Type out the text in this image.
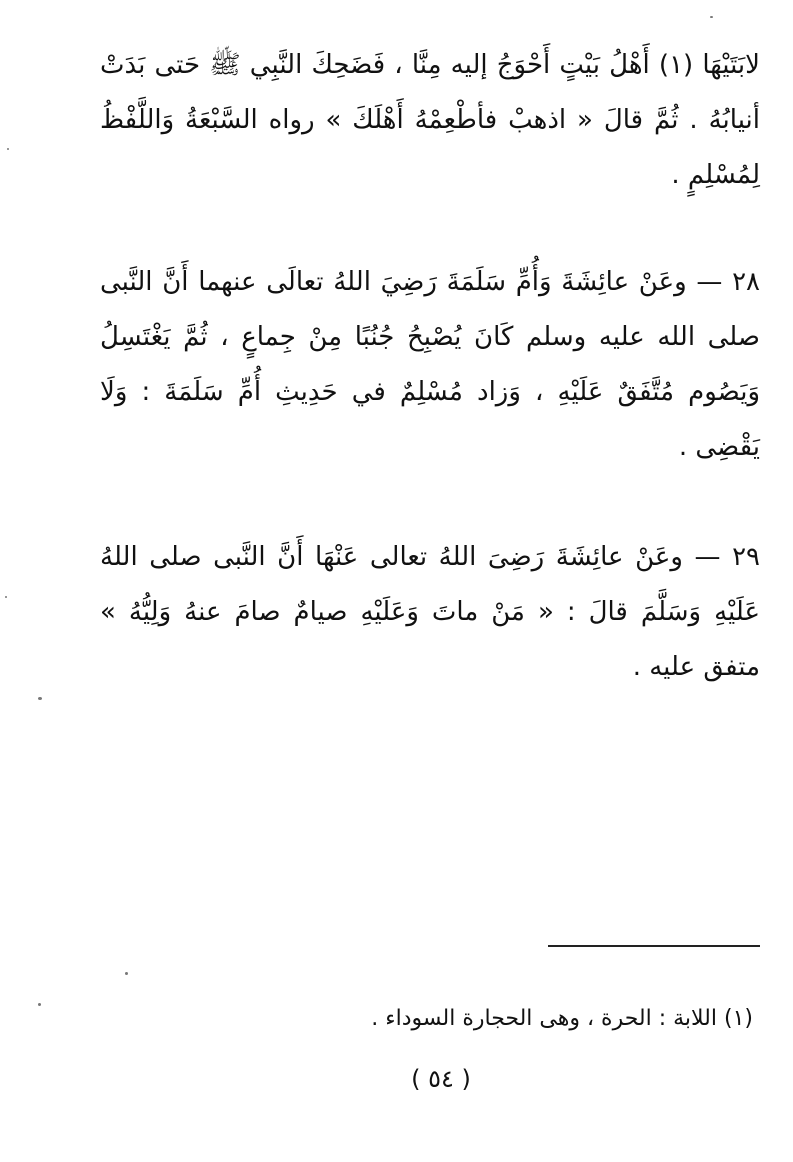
لابَتَيْهَا (١) أَهْلُ بَيْتٍ أَحْوَجُ إليه مِنَّا ، فَضَحِكَ النَّبِي ﷺ حَتى بَدَتْ أنيابُهُ . ثُمَّ قالَ « اذهبْ فأطْعِمْهُ أَهْلَكَ » رواه السَّبْعَةُ وَاللَّفْظُ لِمُسْلِمٍ .

٢٨ — وعَنْ عائِشَةَ وَأُمِّ سَلَمَةَ رَضِيَ اللهُ تعالَى عنهما أَنَّ النَّبى صلى الله عليه وسلم كَانَ يُصْبِحُ جُنُبًا مِنْ جِماعٍ ، ثُمَّ يَغْتَسِلُ وَيَصُوم مُتَّفَقٌ عَلَيْهِ ، وَزاد مُسْلِمٌ في حَدِيثِ أُمِّ سَلَمَةَ : وَلَا يَقْضِى .

٢٩ — وعَنْ عائِشَةَ رَضِىَ اللهُ تعالى عَنْهَا أَنَّ النَّبى صلى اللهُ عَلَيْهِ وَسَلَّمَ قالَ : « مَنْ ماتَ وَعَلَيْهِ صيامٌ صامَ عنهُ وَلِيُّهُ » متفق عليه .

(١) اللابة : الحرة ، وهى الحجارة السوداء .
( ٥٤ )
